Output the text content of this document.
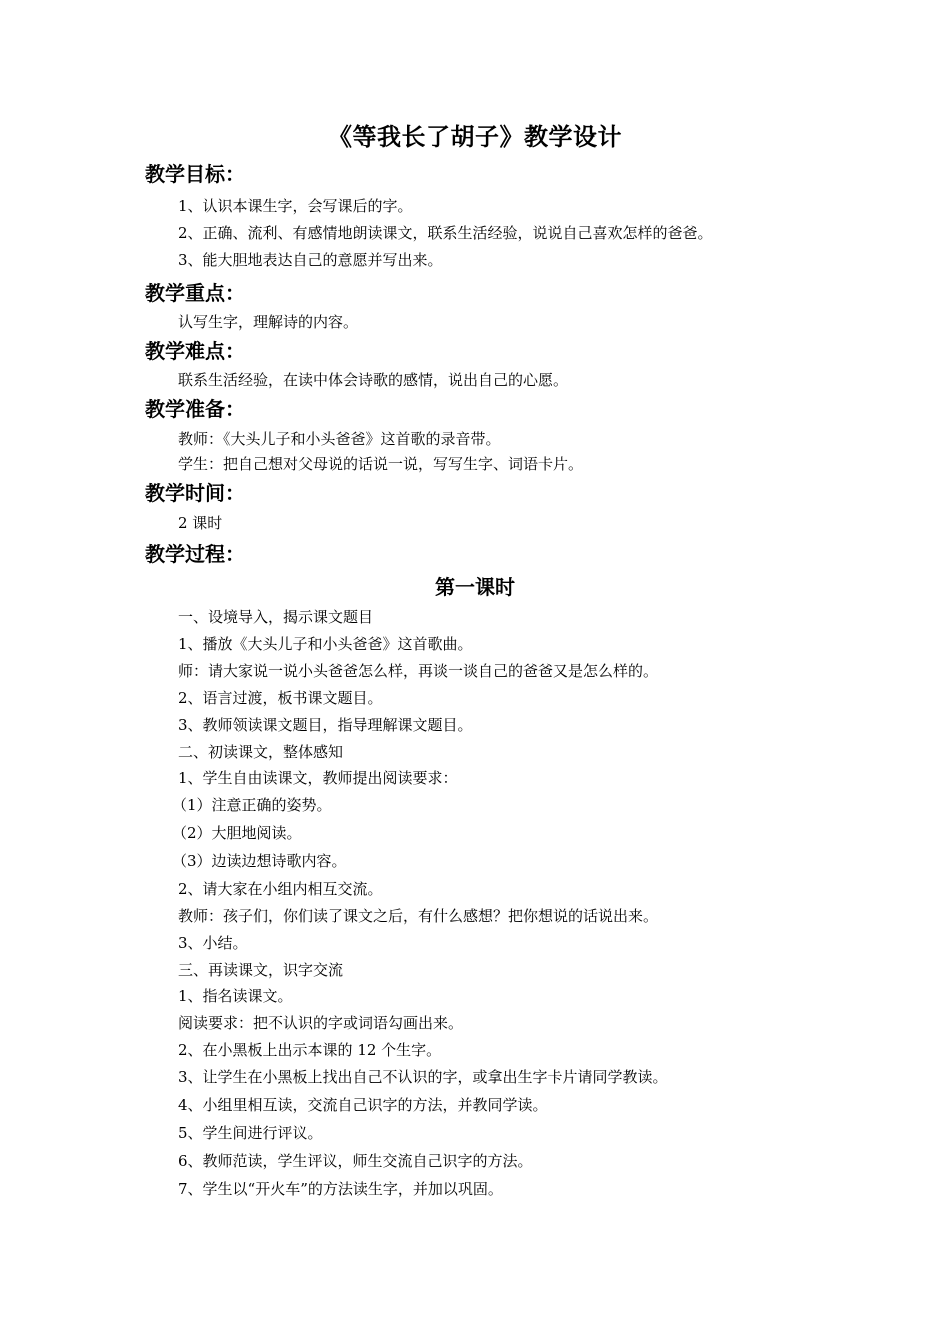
《等我长了胡子》教学设计
教学目标：
1、认识本课生字，会写课后的字。
2、正确、流利、有感情地朗读课文，联系生活经验，说说自己喜欢怎样的爸爸。
3、能大胆地表达自己的意愿并写出来。
教学重点：
认写生字，理解诗的内容。
教学难点：
联系生活经验，在读中体会诗歌的感情，说出自己的心愿。
教学准备：
教师：《大头儿子和小头爸爸》这首歌的录音带。
学生：把自己想对父母说的话说一说，写写生字、词语卡片。
教学时间：
2 课时
教学过程：
第一课时
一、设境导入，揭示课文题目
1、播放《大头儿子和小头爸爸》这首歌曲。
师：请大家说一说小头爸爸怎么样，再谈一谈自己的爸爸又是怎么样的。
2、语言过渡，板书课文题目。
3、教师领读课文题目，指导理解课文题目。
二、初读课文，整体感知
1、学生自由读课文，教师提出阅读要求：
（1）注意正确的姿势。
（2）大胆地阅读。
（3）边读边想诗歌内容。
2、请大家在小组内相互交流。
教师：孩子们，你们读了课文之后，有什么感想？把你想说的话说出来。
3、小结。
三、再读课文，识字交流
1、指名读课文。
阅读要求：把不认识的字或词语勾画出来。
2、在小黑板上出示本课的 12 个生字。
3、让学生在小黑板上找出自己不认识的字，或拿出生字卡片请同学教读。
4、小组里相互读，交流自己识字的方法，并教同学读。
5、学生间进行评议。
6、教师范读，学生评议，师生交流自己识字的方法。
7、学生以“开火车”的方法读生字，并加以巩固。
